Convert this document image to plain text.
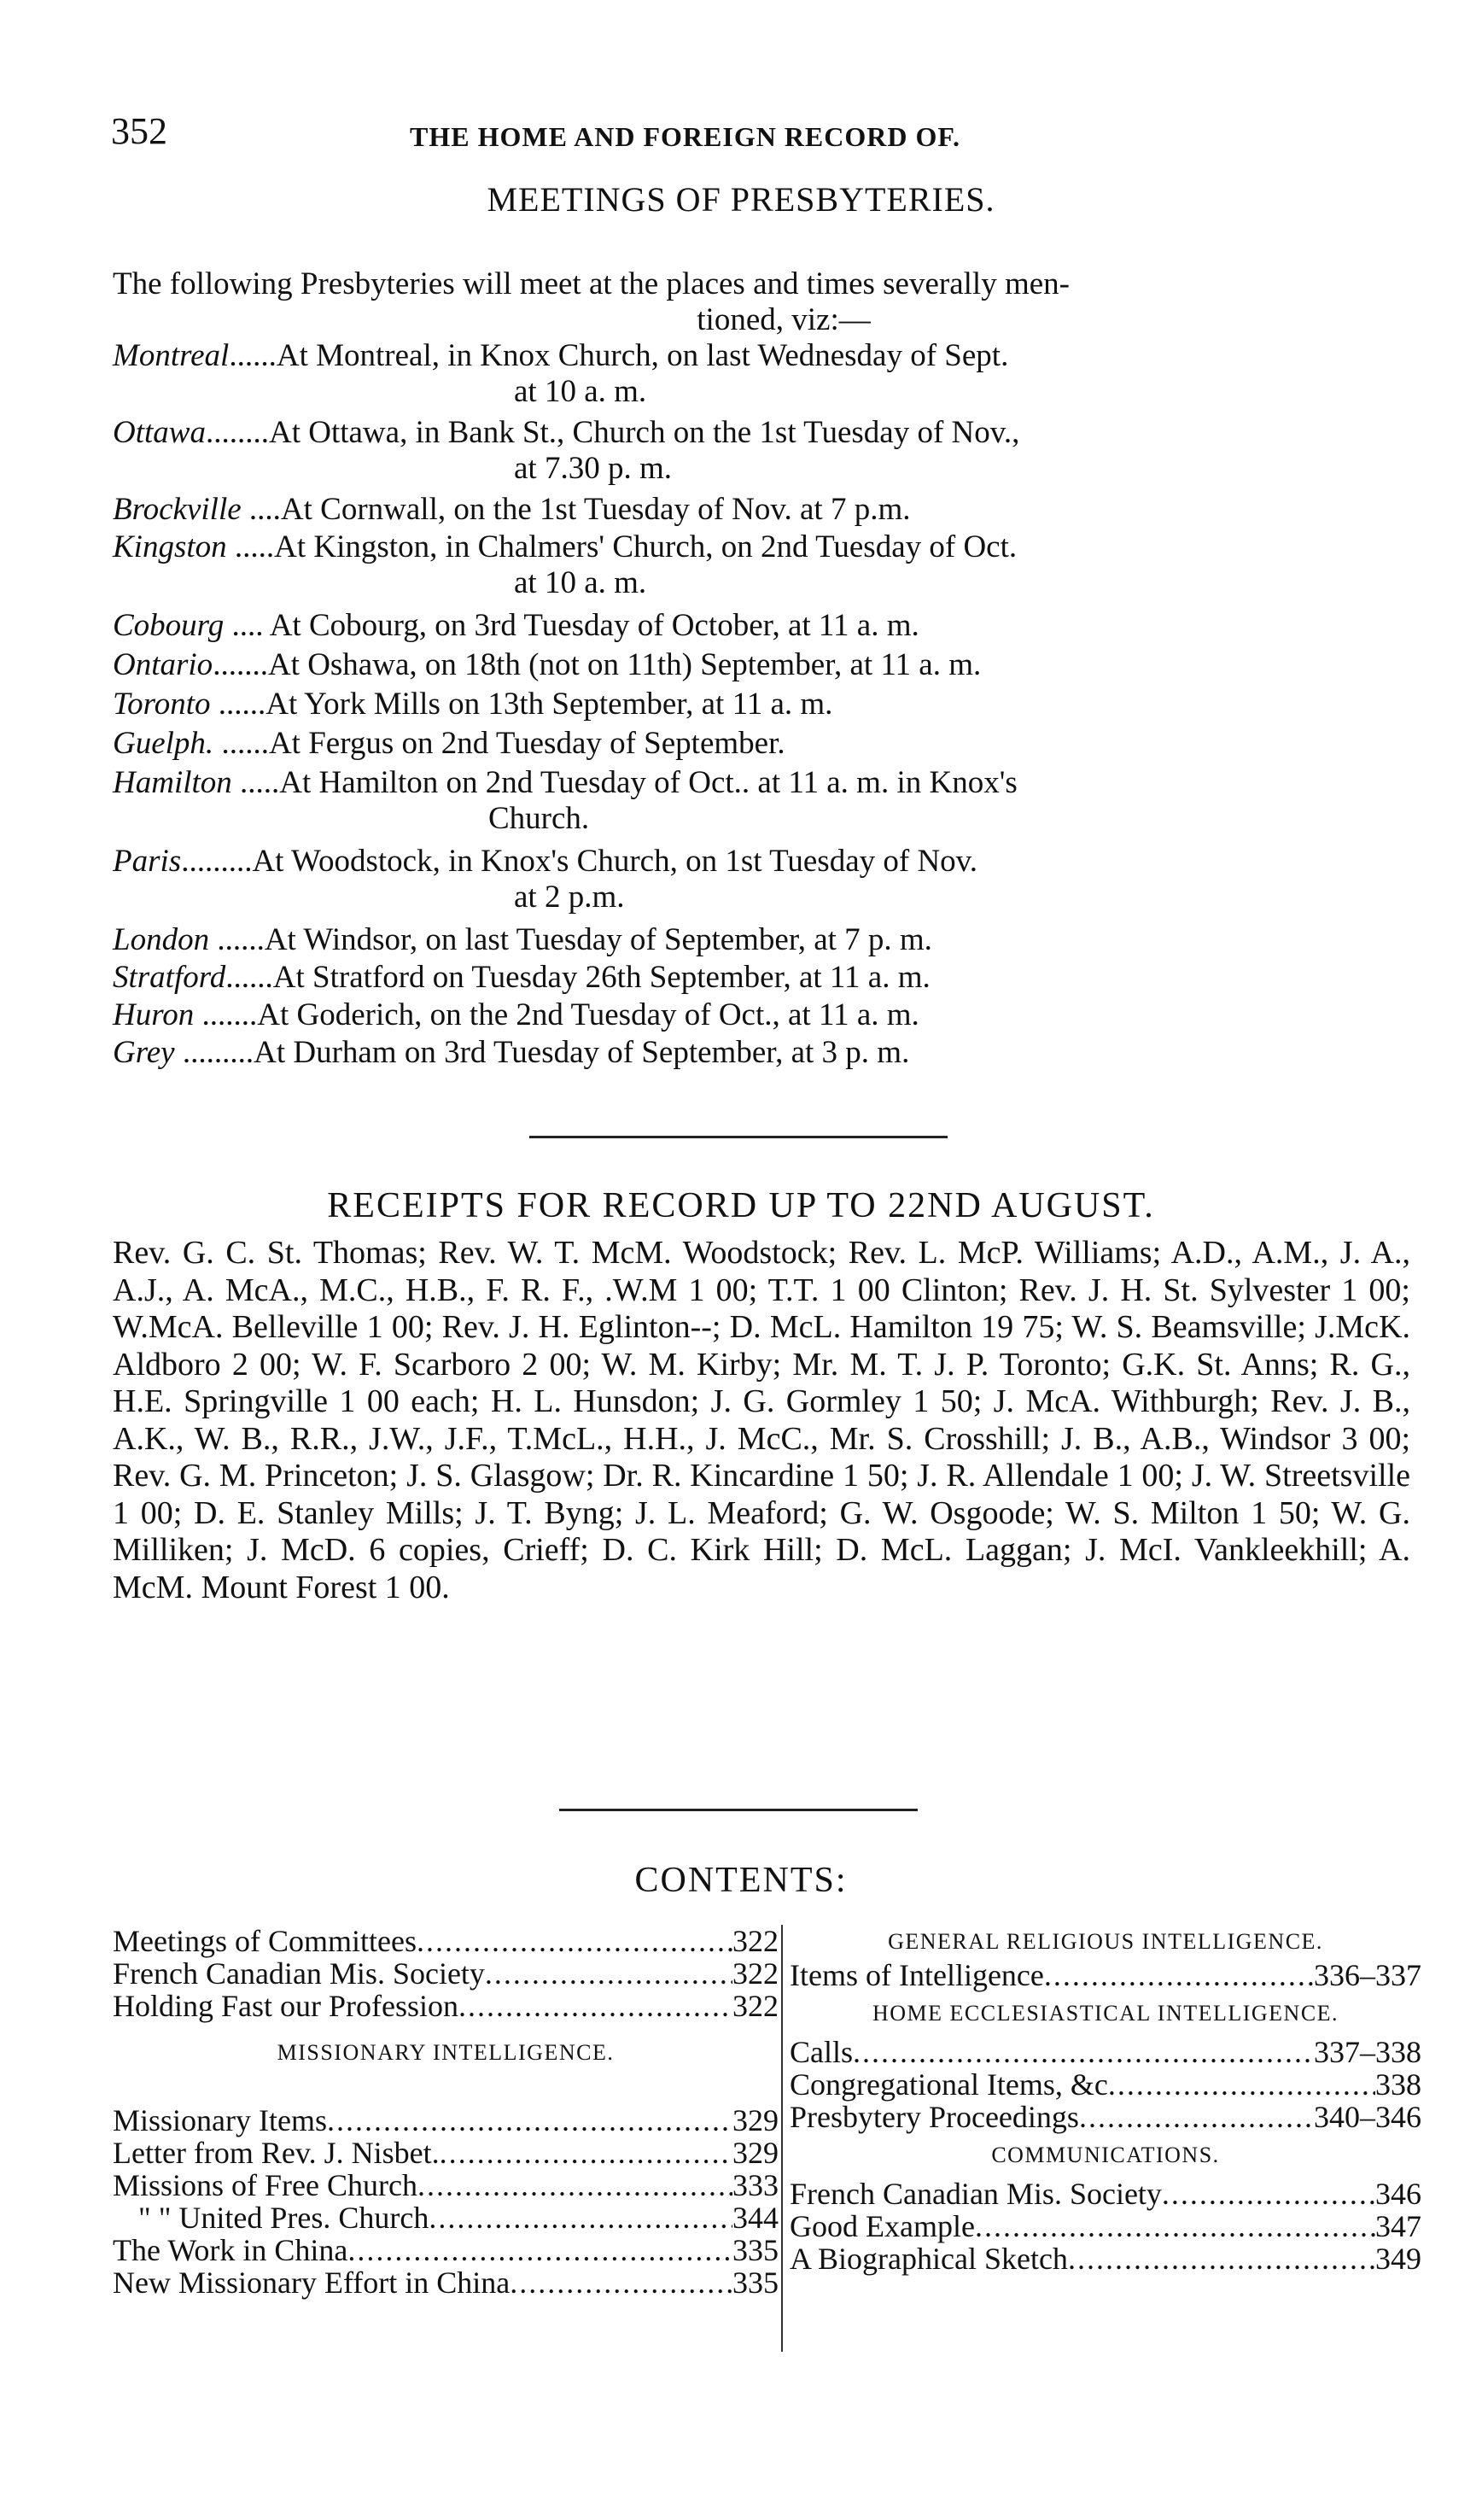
352	THE HOME AND FOREIGN RECORD OF.
MEETINGS OF PRESBYTERIES.
The following Presbyteries will meet at the places and times severally men-
tioned, viz:—
Montreal......At Montreal, in Knox Church, on last Wednesday of Sept.
at 10 a. m.
Ottawa........At Ottawa, in Bank St., Church on the 1st Tuesday of Nov.,
at 7.30 p. m.
Brockville ....At Cornwall, on the 1st Tuesday of Nov. at 7 p.m.
Kingston .....At Kingston, in Chalmers' Church, on 2nd Tuesday of Oct.
at 10 a. m.
Cobourg .... At Cobourg, on 3rd Tuesday of October, at 11 a. m.
Ontario.......At Oshawa, on 18th (not on 11th) September, at 11 a. m.
Toronto ......At York Mills on 13th September, at 11 a. m.
Guelph. ......At Fergus on 2nd Tuesday of September.
Hamilton .....At Hamilton on 2nd Tuesday of Oct.. at 11 a. m. in Knox's
Church.
Paris.........At Woodstock, in Knox's Church, on 1st Tuesday of Nov.
at 2 p.m.
London ......At Windsor, on last Tuesday of September, at 7 p. m.
Stratford......At Stratford on Tuesday 26th September, at 11 a. m.
Huron .......At Goderich, on the 2nd Tuesday of Oct., at 11 a. m.
Grey .........At Durham on 3rd Tuesday of September, at 3 p. m.
RECEIPTS FOR RECORD UP TO 22ND AUGUST.
Rev. G. C. St. Thomas; Rev. W. T. McM. Woodstock; Rev. L. McP. Williams; A.D., A.M., J. A., A.J., A. McA., M.C., H.B., F. R. F., .W.M 1 00; T.T. 1 00 Clinton; Rev. J. H. St. Sylvester 1 00; W.McA. Belleville 1 00; Rev. J. H. Eglinton--; D. McL. Hamilton 19 75; W. S. Beamsville; J.McK. Aldboro 2 00; W. F. Scarboro 2 00; W. M. Kirby; Mr. M. T. J. P. Toronto; G.K. St. Anns; R. G., H.E. Springville 1 00 each; H. L. Hunsdon; J. G. Gormley 1 50; J. McA. Withburgh; Rev. J. B., A.K., W. B., R.R., J.W., J.F., T.McL., H.H., J. McC., Mr. S. Crosshill; J. B., A.B., Windsor 3 00; Rev. G. M. Princeton; J. S. Glasgow; Dr. R. Kincardine 1 50; J. R. Allendale 1 00; J. W. Streetsville 1 00; D. E. Stanley Mills; J. T. Byng; J. L. Meaford; G. W. Osgoode; W. S. Milton 1 50; W. G. Milliken; J. McD. 6 copies, Crieff; D. C. Kirk Hill; D. McL. Laggan; J. McI. Vankleekhill; A. McM. Mount Forest 1 00.
CONTENTS:
Meetings of Committees .....	322
French Canadian Mis. Society .....	322
Holding Fast our Profession .....	322
MISSIONARY INTELLIGENCE.
Missionary Items .....	329
Letter from Rev. J. Nisbet. .....	329
Missions of Free Church .....	333
" " United Pres. Church .....	344
The Work in China .....	335
New Missionary Effort in China .....	335
GENERAL RELIGIOUS INTELLIGENCE.
Items of Intelligence .....	336–337
HOME ECCLESIASTICAL INTELLIGENCE.
Calls .....	337–338
Congregational Items, &c .....	338
Presbytery Proceedings .....	340–346
COMMUNICATIONS.
French Canadian Mis. Society .....	346
Good Example .....	347
A Biographical Sketch .....	349
